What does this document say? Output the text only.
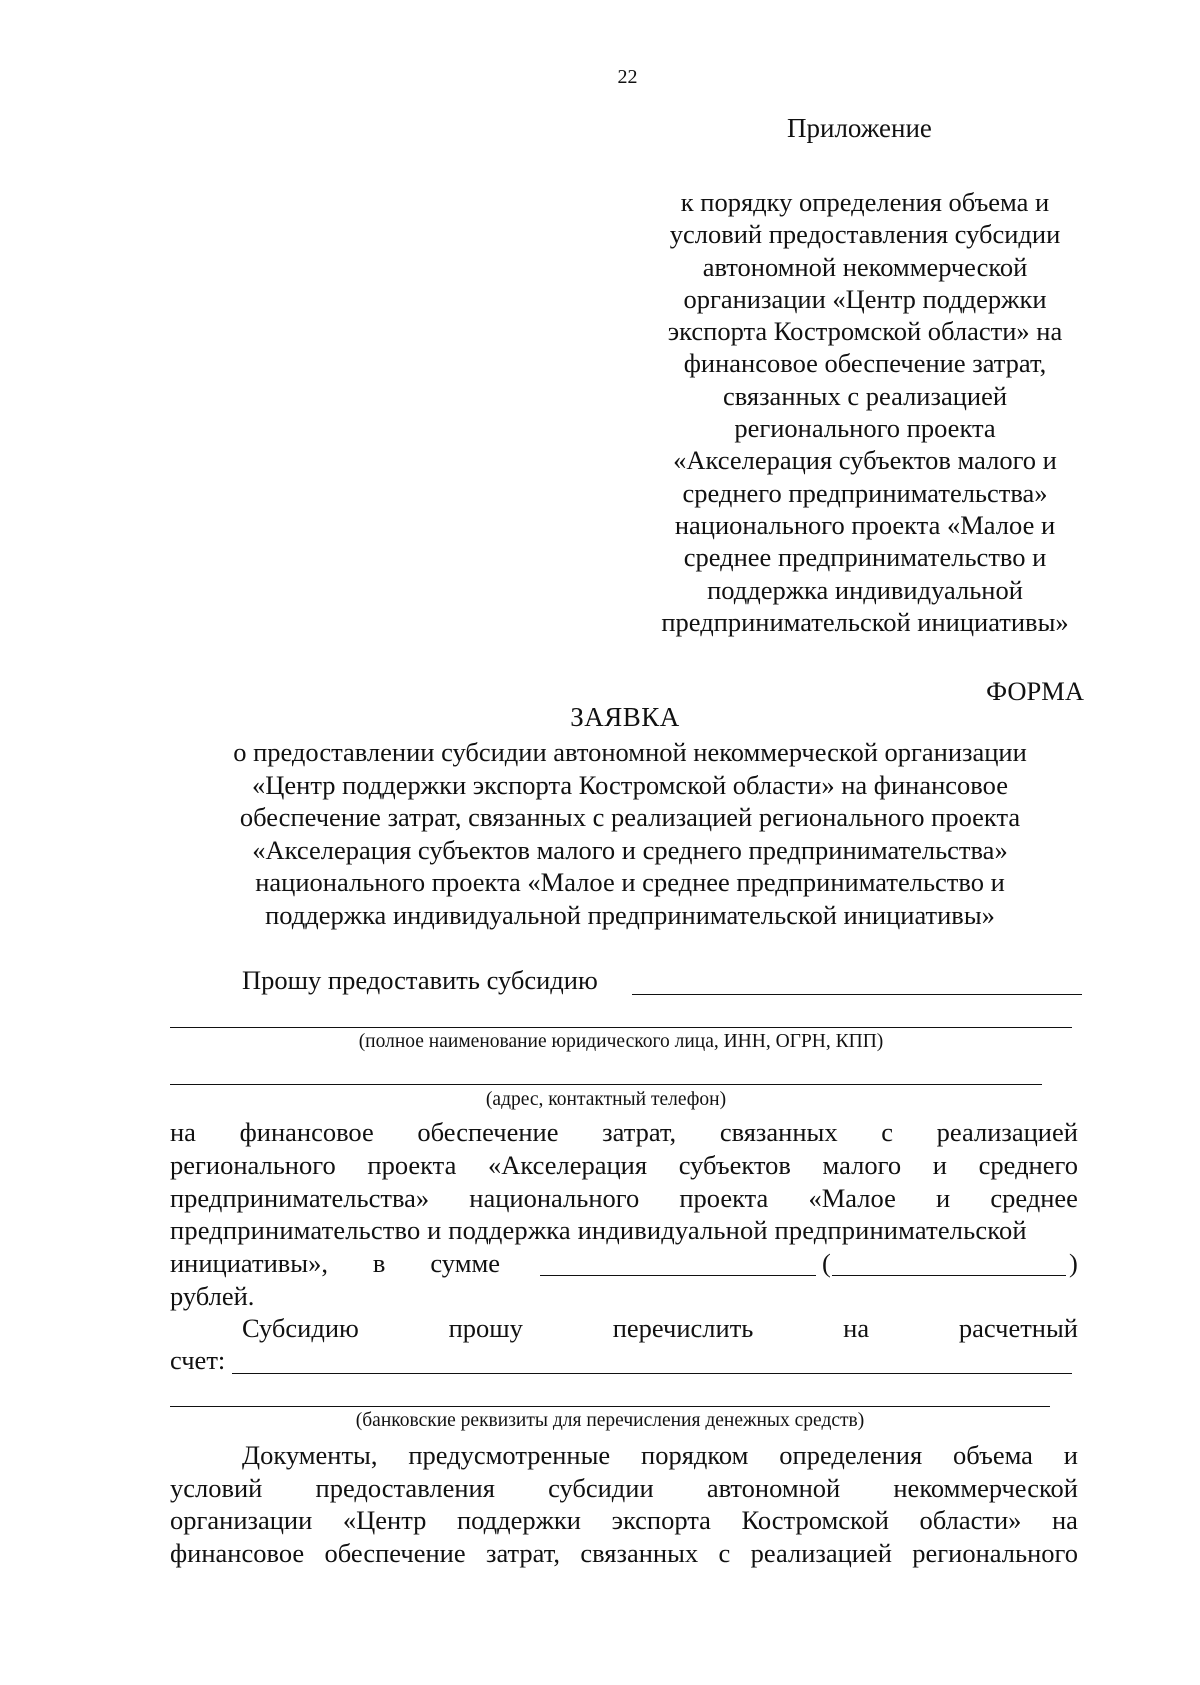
22
Приложение
к порядку определения объема и
условий предоставления субсидии
автономной некоммерческой
организации «Центр поддержки
экспорта Костромской области» на
финансовое обеспечение затрат,
связанных с реализацией
регионального проекта
«Акселерация субъектов малого и
среднего предпринимательства»
национального проекта «Малое и
среднее предпринимательство и
поддержка индивидуальной
предпринимательской инициативы»
ФОРМА
ЗАЯВКА
о предоставлении субсидии автономной некоммерческой организации
«Центр поддержки экспорта Костромской области» на финансовое
обеспечение затрат, связанных с реализацией регионального проекта
«Акселерация субъектов малого и среднего предпринимательства»
национального проекта «Малое и среднее предпринимательство и
поддержка индивидуальной предпринимательской инициативы»
Прошу предоставить субсидию
(полное наименование юридического лица, ИНН, ОГРН, КПП)
(адрес, контактный телефон)
на финансовое обеспечение затрат, связанных с реализацией
регионального проекта «Акселерация субъектов малого и среднего
предпринимательства» национального проекта «Малое и среднее
предпринимательство и поддержка индивидуальной предпринимательской
инициативы», в сумме	(	)
рублей.
Субсидию	прошу	перечислить	на	расчетный
счет:
(банковские реквизиты для перечисления денежных средств)
Документы, предусмотренные порядком определения объема и
условий предоставления субсидии автономной некоммерческой
организации «Центр поддержки экспорта Костромской области» на
финансовое обеспечение затрат, связанных с реализацией регионального
